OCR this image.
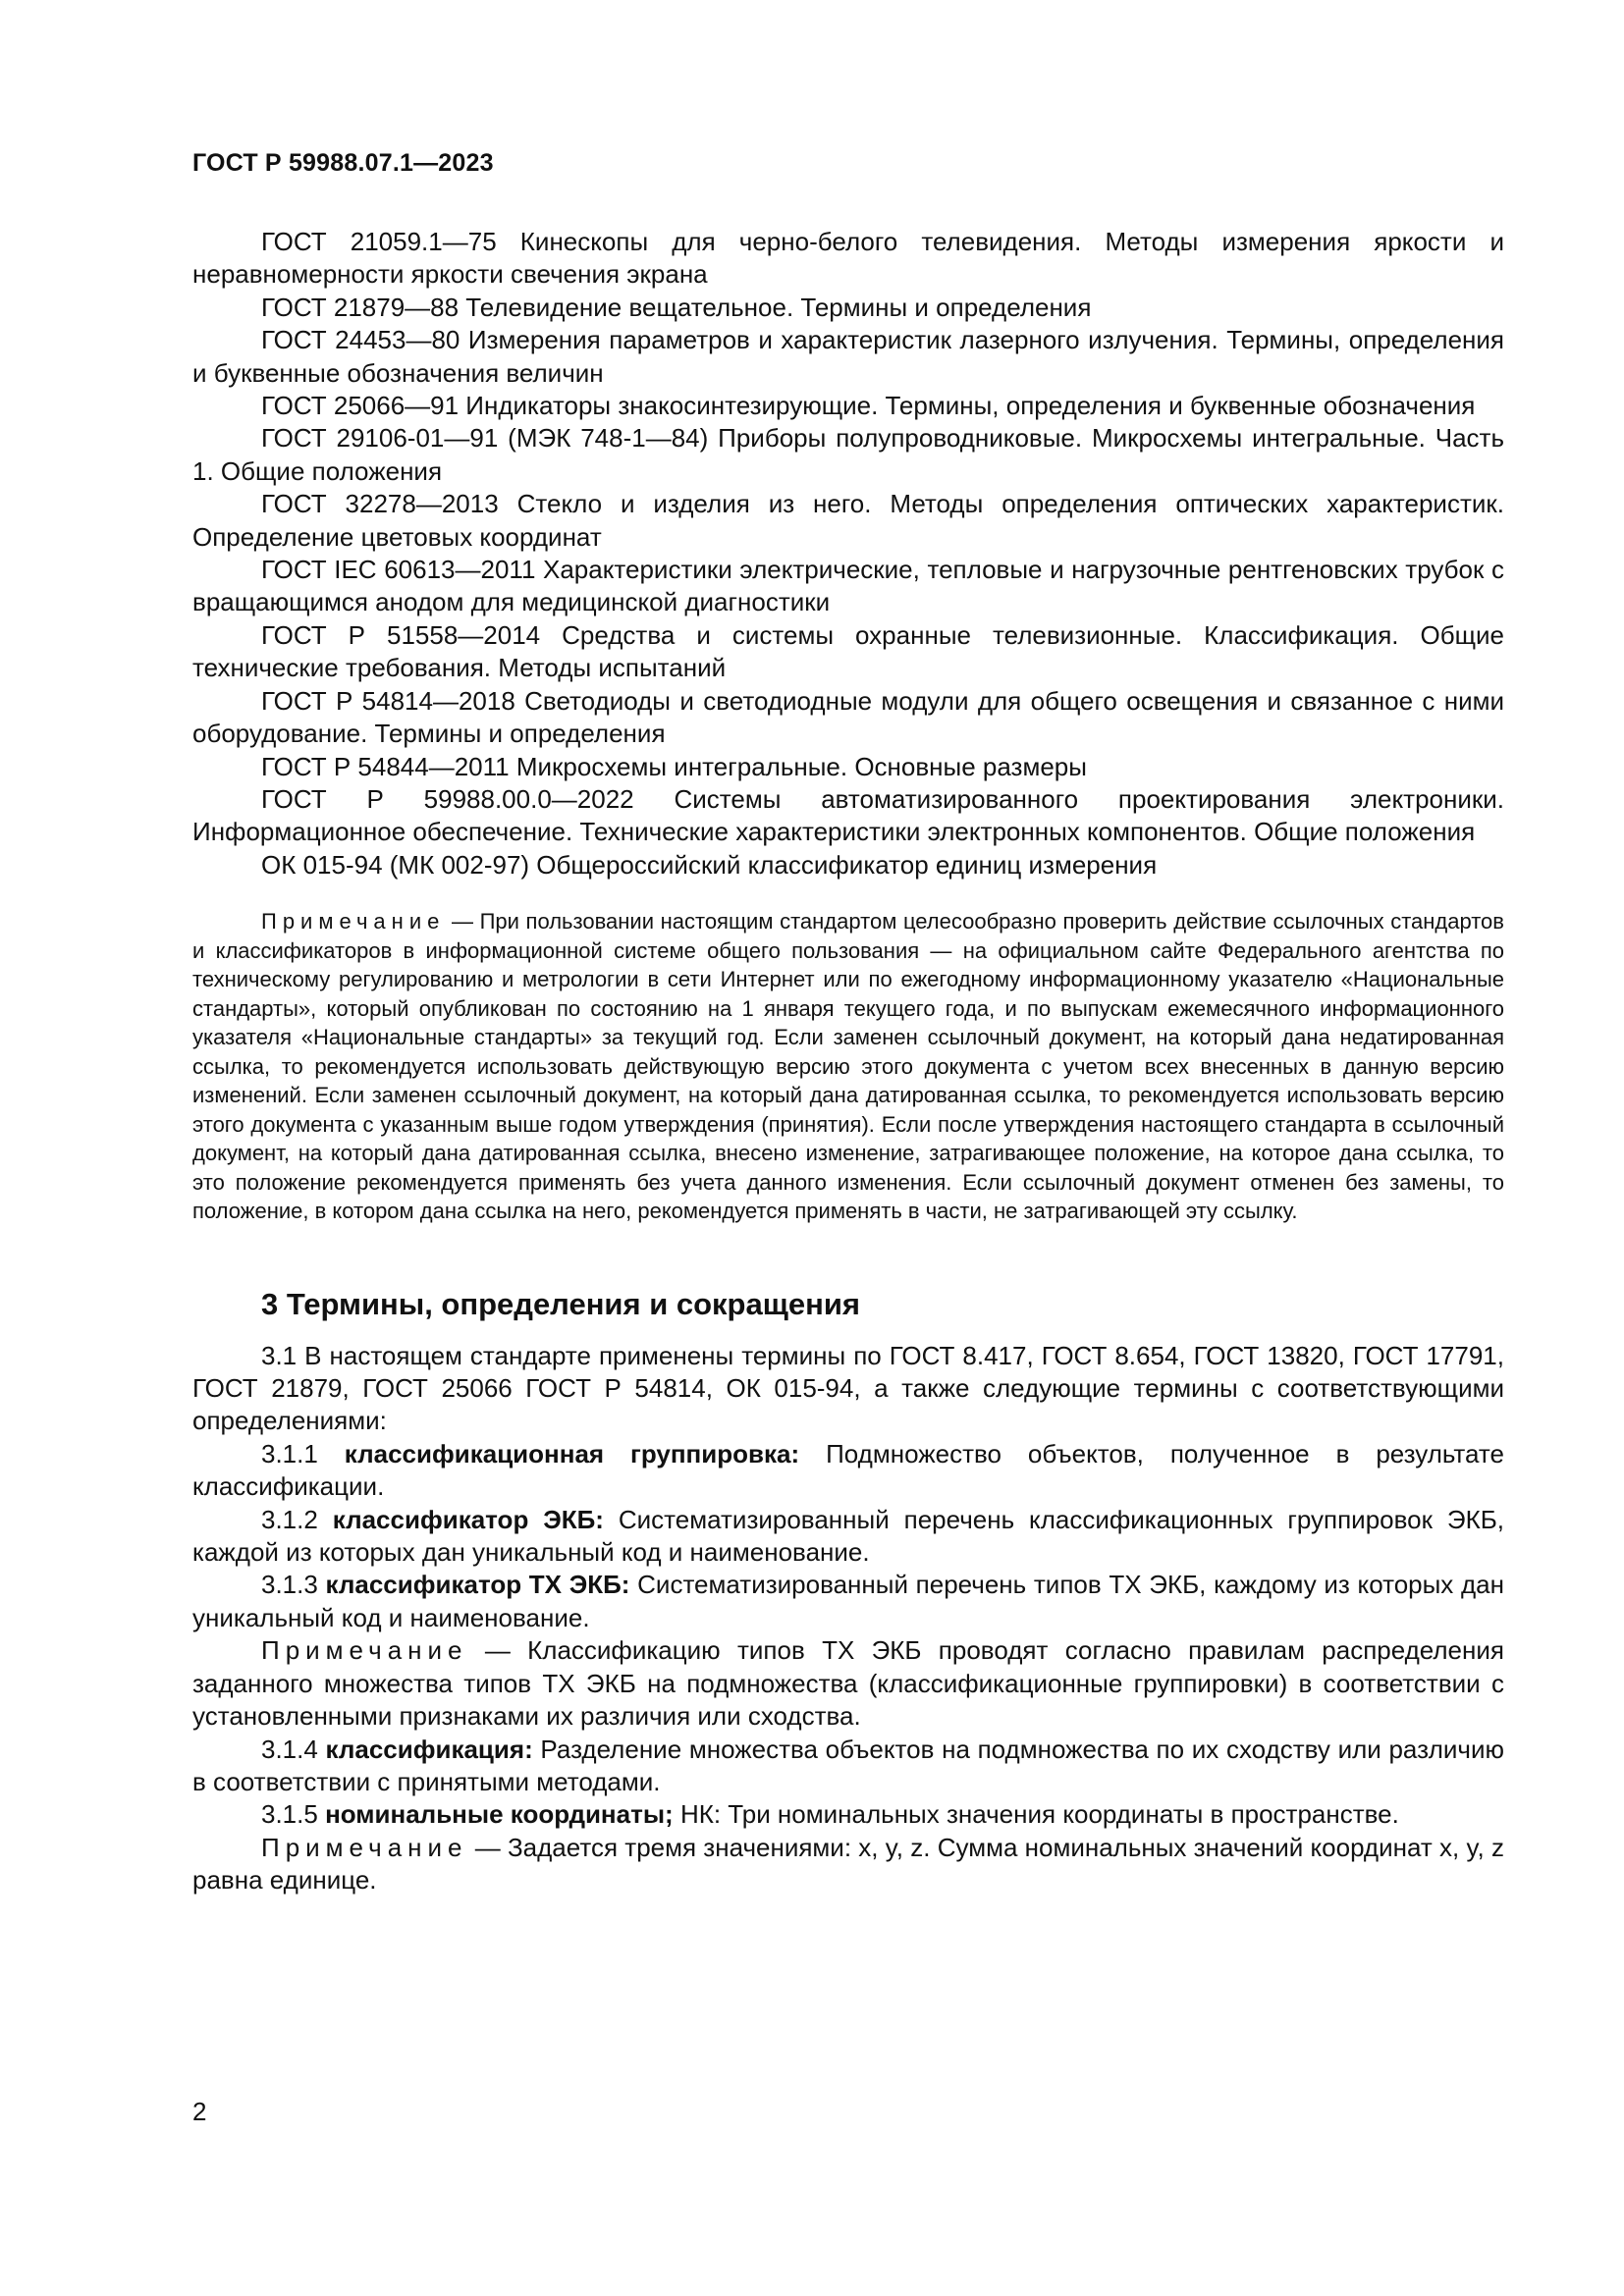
ГОСТ Р 59988.07.1—2023

ГОСТ 21059.1—75 Кинескопы для черно-белого телевидения. Методы измерения яркости и неравномерности яркости свечения экрана

ГОСТ 21879—88 Телевидение вещательное. Термины и определения

ГОСТ 24453—80 Измерения параметров и характеристик лазерного излучения. Термины, определения и буквенные обозначения величин

ГОСТ 25066—91 Индикаторы знакосинтезирующие. Термины, определения и буквенные обозначения

ГОСТ 29106-01—91 (МЭК 748-1—84) Приборы полупроводниковые. Микросхемы интегральные. Часть 1. Общие положения

ГОСТ 32278—2013 Стекло и изделия из него. Методы определения оптических характеристик. Определение цветовых координат

ГОСТ IEC 60613—2011 Характеристики электрические, тепловые и нагрузочные рентгеновских трубок с вращающимся анодом для медицинской диагностики

ГОСТ Р 51558—2014 Средства и системы охранные телевизионные. Классификация. Общие технические требования. Методы испытаний

ГОСТ Р 54814—2018 Светодиоды и светодиодные модули для общего освещения и связанное с ними оборудование. Термины и определения

ГОСТ Р 54844—2011 Микросхемы интегральные. Основные размеры

ГОСТ Р 59988.00.0—2022 Системы автоматизированного проектирования электроники. Информационное обеспечение. Технические характеристики электронных компонентов. Общие положения

ОК 015-94 (МК 002-97) Общероссийский классификатор единиц измерения

Примечание — При пользовании настоящим стандартом целесообразно проверить действие ссылочных стандартов и классификаторов в информационной системе общего пользования — на официальном сайте Федерального агентства по техническому регулированию и метрологии в сети Интернет или по ежегодному информационному указателю «Национальные стандарты», который опубликован по состоянию на 1 января текущего года, и по выпускам ежемесячного информационного указателя «Национальные стандарты» за текущий год. Если заменен ссылочный документ, на который дана недатированная ссылка, то рекомендуется использовать действующую версию этого документа с учетом всех внесенных в данную версию изменений. Если заменен ссылочный документ, на который дана датированная ссылка, то рекомендуется использовать версию этого документа с указанным выше годом утверждения (принятия). Если после утверждения настоящего стандарта в ссылочный документ, на который дана датированная ссылка, внесено изменение, затрагивающее положение, на которое дана ссылка, то это положение рекомендуется применять без учета данного изменения. Если ссылочный документ отменен без замены, то положение, в котором дана ссылка на него, рекомендуется применять в части, не затрагивающей эту ссылку.

3 Термины, определения и сокращения

3.1 В настоящем стандарте применены термины по ГОСТ 8.417, ГОСТ 8.654, ГОСТ 13820, ГОСТ 17791, ГОСТ 21879, ГОСТ 25066 ГОСТ Р 54814, ОК 015-94, а также следующие термины с соответствующими определениями:

3.1.1 классификационная группировка: Подмножество объектов, полученное в результате классификации.

3.1.2 классификатор ЭКБ: Систематизированный перечень классификационных группировок ЭКБ, каждой из которых дан уникальный код и наименование.

3.1.3 классификатор ТХ ЭКБ: Систематизированный перечень типов ТХ ЭКБ, каждому из которых дан уникальный код и наименование.

Примечание — Классификацию типов ТХ ЭКБ проводят согласно правилам распределения заданного множества типов ТХ ЭКБ на подмножества (классификационные группировки) в соответствии с установленными признаками их различия или сходства.

3.1.4 классификация: Разделение множества объектов на подмножества по их сходству или различию в соответствии с принятыми методами.

3.1.5 номинальные координаты; НК: Три номинальных значения координаты в пространстве.

Примечание — Задается тремя значениями: x, y, z. Сумма номинальных значений координат x, y, z равна единице.

2
